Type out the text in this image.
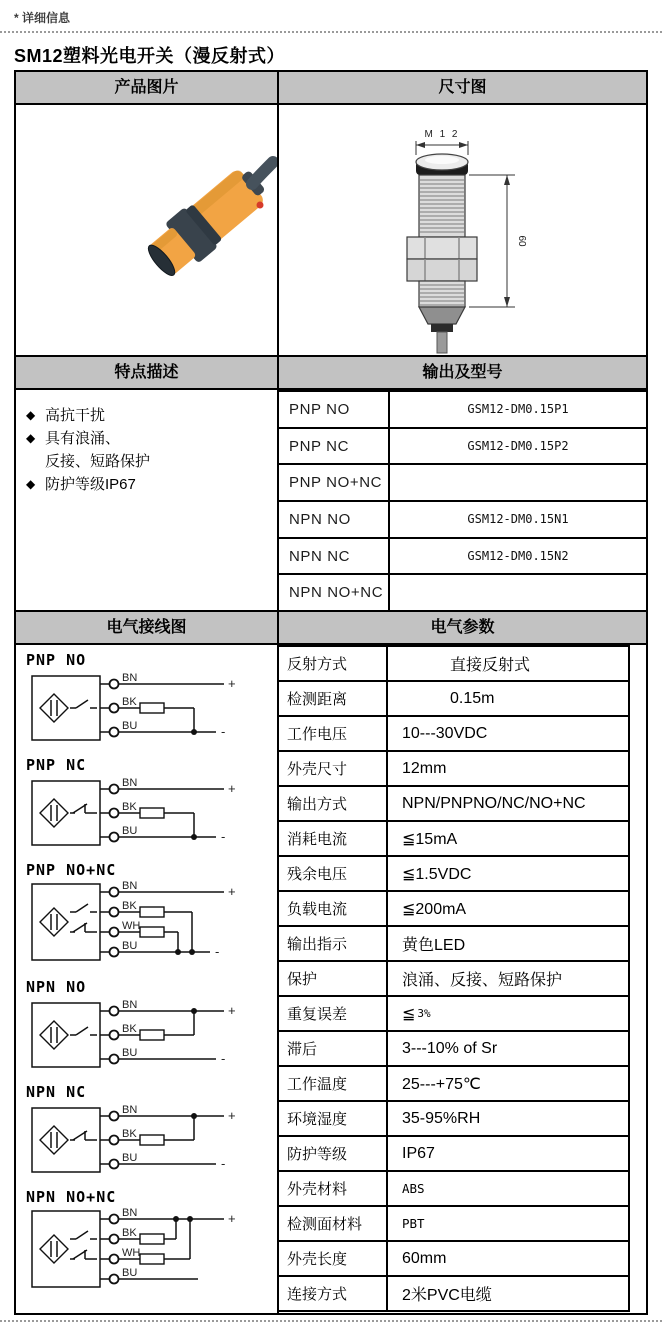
* 详细信息
SM12塑料光电开关（漫反射式）
产品图片	尺寸图
M 1 2
60
特点描述	输出及型号
◆ 高抗干扰
◆ 具有浪涌、
反接、短路保护
◆ 防护等级IP67
PNP NO	GSM12-DM0.15P1
PNP NC	GSM12-DM0.15P2
PNP NO+NC
NPN NO	GSM12-DM0.15N1
NPN NC	GSM12-DM0.15N2
NPN NO+NC
电气接线图	电气参数
PNP NO
BN
BK
BU
+
-
PNP NC
BN
BK
BU
+
-
PNP NO+NC
BN
BK
WH
BU
+
-
NPN NO
BN
BK
BU
+
-
NPN NC
BN
BK
BU
+
-
NPN NO+NC
BN
BK
WH
BU
+
反射方式	直接反射式
检测距离	0.15m
工作电压	10---30VDC
外壳尺寸	12mm
输出方式	NPN/PNPNO/NC/NO+NC
消耗电流	≦15mA
残余电压	≦1.5VDC
负载电流	≦200mA
输出指示	黄色LED
保护	浪涌、反接、短路保护
重复误差	≦ 3%
滞后	3---10% of Sr
工作温度	25---+75℃
环境湿度	35-95%RH
防护等级	IP67
外壳材料	ABS
检测面材料	PBT
外壳长度	60mm
连接方式	2米PVC电缆
